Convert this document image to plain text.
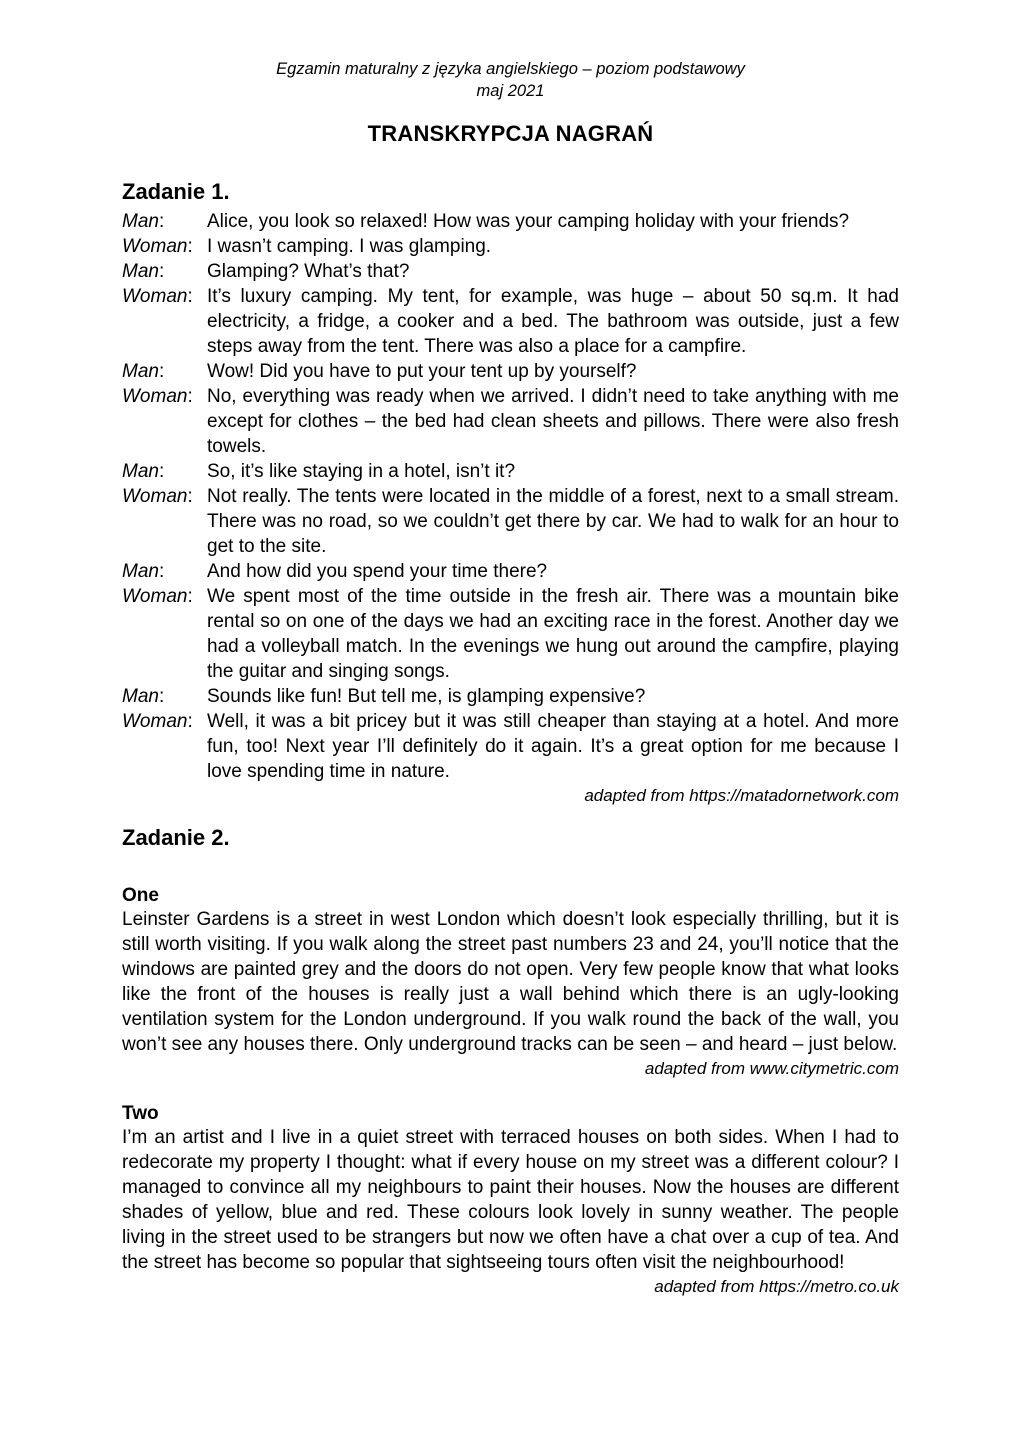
Egzamin maturalny z języka angielskiego – poziom podstawowy
maj 2021
TRANSKRYPCJA NAGRAŃ
Zadanie 1.
Man:	Alice, you look so relaxed! How was your camping holiday with your friends?
Woman: I wasn’t camping. I was glamping.
Man:	Glamping? What’s that?
Woman: It’s luxury camping. My tent, for example, was huge – about 50 sq.m. It had electricity, a fridge, a cooker and a bed. The bathroom was outside, just a few steps away from the tent. There was also a place for a campfire.
Man:	Wow! Did you have to put your tent up by yourself?
Woman: No, everything was ready when we arrived. I didn’t need to take anything with me except for clothes – the bed had clean sheets and pillows. There were also fresh towels.
Man:	So, it’s like staying in a hotel, isn’t it?
Woman: Not really. The tents were located in the middle of a forest, next to a small stream. There was no road, so we couldn’t get there by car. We had to walk for an hour to get to the site.
Man:	And how did you spend your time there?
Woman: We spent most of the time outside in the fresh air. There was a mountain bike rental so on one of the days we had an exciting race in the forest. Another day we had a volleyball match. In the evenings we hung out around the campfire, playing the guitar and singing songs.
Man:	Sounds like fun! But tell me, is glamping expensive?
Woman: Well, it was a bit pricey but it was still cheaper than staying at a hotel. And more fun, too! Next year I’ll definitely do it again. It’s a great option for me because I love spending time in nature.
adapted from https://matadornetwork.com
Zadanie 2.
One

Leinster Gardens is a street in west London which doesn’t look especially thrilling, but it is still worth visiting. If you walk along the street past numbers 23 and 24, you’ll notice that the windows are painted grey and the doors do not open. Very few people know that what looks like the front of the houses is really just a wall behind which there is an ugly-looking ventilation system for the London underground. If you walk round the back of the wall, you won’t see any houses there. Only underground tracks can be seen – and heard – just below.

adapted from www.citymetric.com
Two

I’m an artist and I live in a quiet street with terraced houses on both sides. When I had to redecorate my property I thought: what if every house on my street was a different colour? I managed to convince all my neighbours to paint their houses. Now the houses are different shades of yellow, blue and red. These colours look lovely in sunny weather. The people living in the street used to be strangers but now we often have a chat over a cup of tea. And the street has become so popular that sightseeing tours often visit the neighbourhood!

adapted from https://metro.co.uk
